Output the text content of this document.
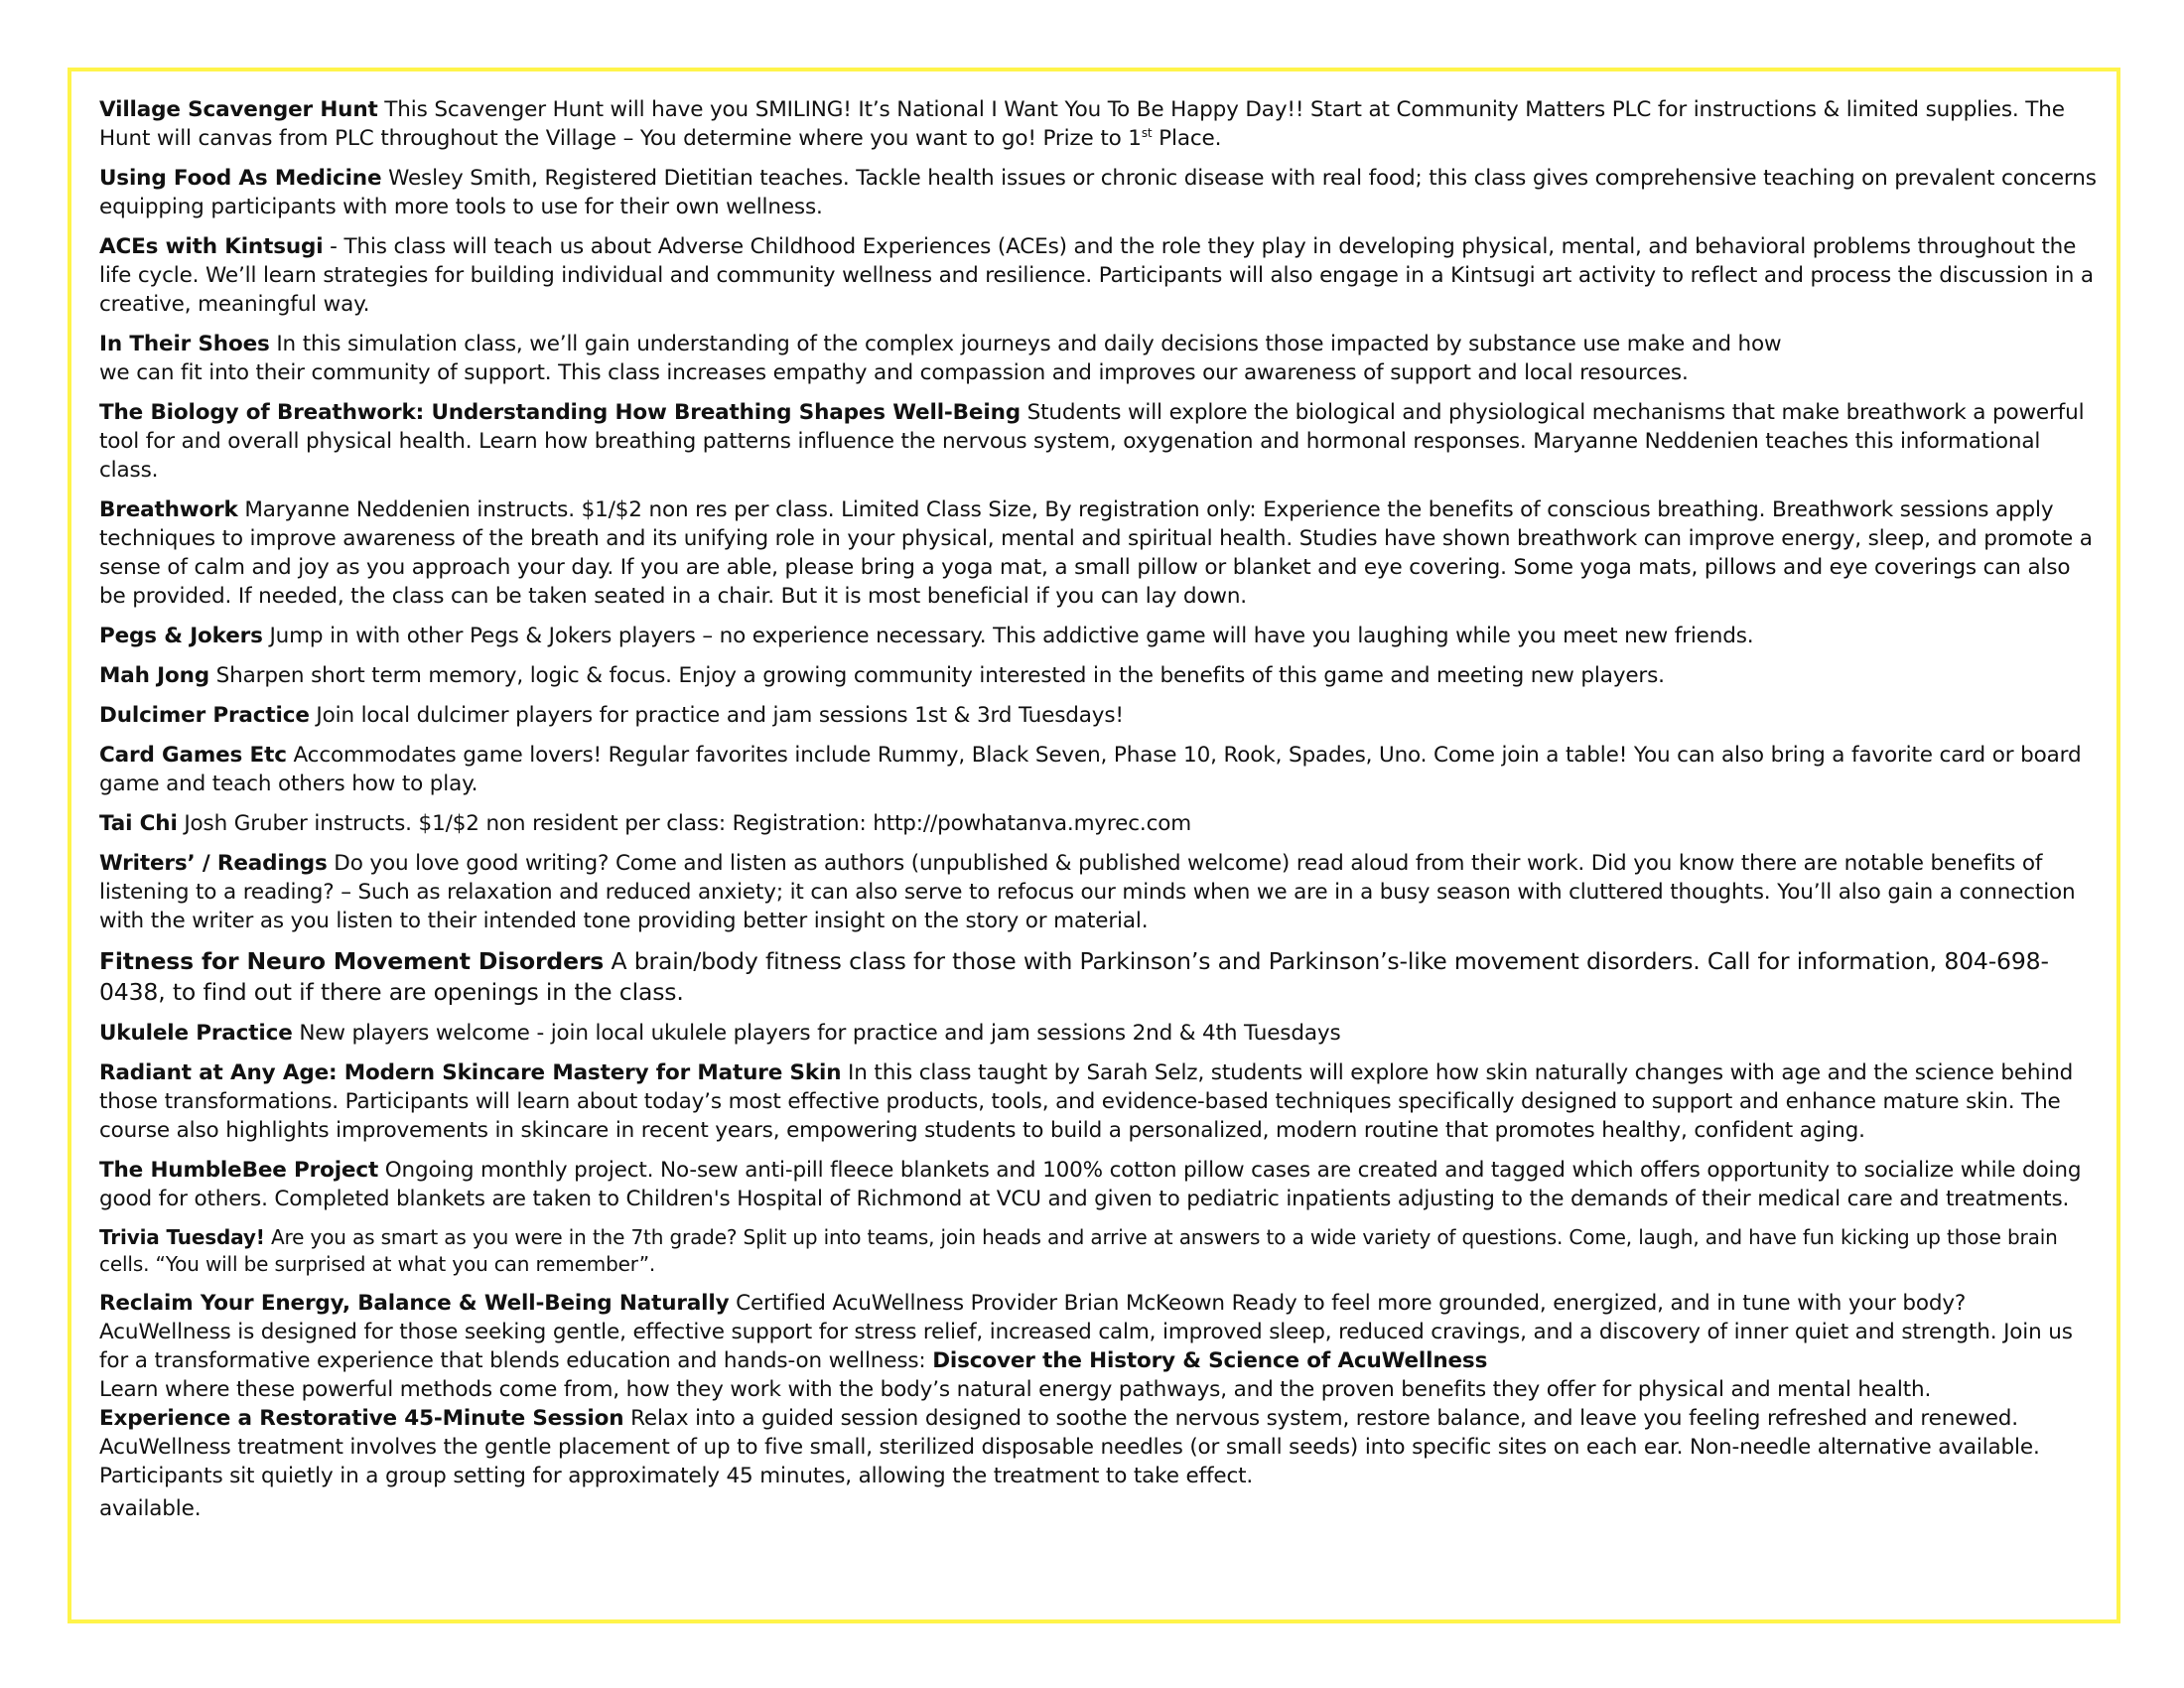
Village Scavenger Hunt This Scavenger Hunt will have you SMILING! It’s National I Want You To Be Happy Day!! Start at Community Matters PLC for instructions & limited supplies. The Hunt will canvas from PLC throughout the Village – You determine where you want to go! Prize to 1st Place.

Using Food As Medicine Wesley Smith, Registered Dietitian teaches. Tackle health issues or chronic disease with real food; this class gives comprehensive teaching on prevalent concerns equipping participants with more tools to use for their own wellness.

ACEs with Kintsugi - This class will teach us about Adverse Childhood Experiences (ACEs) and the role they play in developing physical, mental, and behavioral problems throughout the life cycle. We’ll learn strategies for building individual and community wellness and resilience. Participants will also engage in a Kintsugi art activity to reflect and process the discussion in a creative, meaningful way.

In Their Shoes In this simulation class, we’ll gain understanding of the complex journeys and daily decisions those impacted by substance use make and how
we can fit into their community of support. This class increases empathy and compassion and improves our awareness of support and local resources.

The Biology of Breathwork: Understanding How Breathing Shapes Well-Being Students will explore the biological and physiological mechanisms that make breathwork a powerful tool for and overall physical health. Learn how breathing patterns influence the nervous system, oxygenation and hormonal responses. Maryanne Neddenien teaches this informational class.

Breathwork Maryanne Neddenien instructs. $1/$2 non res per class. Limited Class Size, By registration only: Experience the benefits of conscious breathing. Breathwork sessions apply techniques to improve awareness of the breath and its unifying role in your physical, mental and spiritual health. Studies have shown breathwork can improve energy, sleep, and promote a sense of calm and joy as you approach your day. If you are able, please bring a yoga mat, a small pillow or blanket and eye covering. Some yoga mats, pillows and eye coverings can also be provided. If needed, the class can be taken seated in a chair. But it is most beneficial if you can lay down.

Pegs & Jokers Jump in with other Pegs & Jokers players – no experience necessary. This addictive game will have you laughing while you meet new friends.

Mah Jong Sharpen short term memory, logic & focus. Enjoy a growing community interested in the benefits of this game and meeting new players.

Dulcimer Practice Join local dulcimer players for practice and jam sessions 1st & 3rd Tuesdays!

Card Games Etc Accommodates game lovers! Regular favorites include Rummy, Black Seven, Phase 10, Rook, Spades, Uno. Come join a table! You can also bring a favorite card or board game and teach others how to play.

Tai Chi Josh Gruber instructs. $1/$2 non resident per class: Registration: http://powhatanva.myrec.com

Writers’ / Readings Do you love good writing? Come and listen as authors (unpublished & published welcome) read aloud from their work. Did you know there are notable benefits of listening to a reading? – Such as relaxation and reduced anxiety; it can also serve to refocus our minds when we are in a busy season with cluttered thoughts. You’ll also gain a connection with the writer as you listen to their intended tone providing better insight on the story or material.

Fitness for Neuro Movement Disorders A brain/body fitness class for those with Parkinson’s and Parkinson’s-like movement disorders. Call for information, 804-698-0438, to find out if there are openings in the class.

Ukulele Practice New players welcome - join local ukulele players for practice and jam sessions 2nd & 4th Tuesdays

Radiant at Any Age: Modern Skincare Mastery for Mature Skin In this class taught by Sarah Selz, students will explore how skin naturally changes with age and the science behind those transformations. Participants will learn about today’s most effective products, tools, and evidence-based techniques specifically designed to support and enhance mature skin. The course also highlights improvements in skincare in recent years, empowering students to build a personalized, modern routine that promotes healthy, confident aging.

The HumbleBee Project Ongoing monthly project. No-sew anti-pill fleece blankets and 100% cotton pillow cases are created and tagged which offers opportunity to socialize while doing good for others. Completed blankets are taken to Children's Hospital of Richmond at VCU and given to pediatric inpatients adjusting to the demands of their medical care and treatments.

Trivia Tuesday! Are you as smart as you were in the 7th grade? Split up into teams, join heads and arrive at answers to a wide variety of questions. Come, laugh, and have fun kicking up those brain cells. “You will be surprised at what you can remember”.

Reclaim Your Energy, Balance & Well-Being Naturally Certified AcuWellness Provider Brian McKeown Ready to feel more grounded, energized, and in tune with your body? AcuWellness is designed for those seeking gentle, effective support for stress relief, increased calm, improved sleep, reduced cravings, and a discovery of inner quiet and strength. Join us for a transformative experience that blends education and hands-on wellness: Discover the History & Science of AcuWellness
Learn where these powerful methods come from, how they work with the body’s natural energy pathways, and the proven benefits they offer for physical and mental health.
Experience a Restorative 45-Minute Session Relax into a guided session designed to soothe the nervous system, restore balance, and leave you feeling refreshed and renewed. AcuWellness treatment involves the gentle placement of up to five small, sterilized disposable needles (or small seeds) into specific sites on each ear. Non-needle alternative available. Participants sit quietly in a group setting for approximately 45 minutes, allowing the treatment to take effect.

available.
